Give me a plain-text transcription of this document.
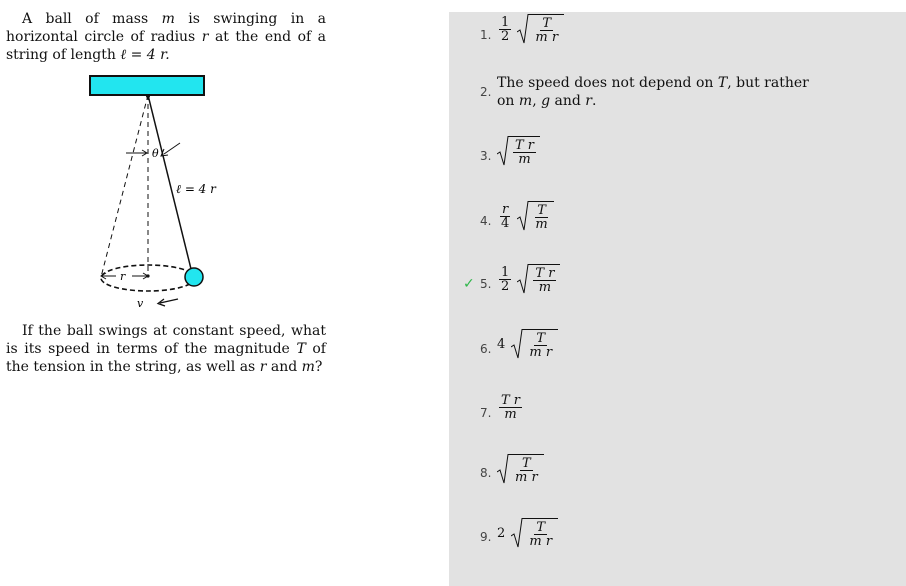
A ball of mass m is swinging in a horizontal circle of radius r at the end of a string of length ℓ = 4 r.

θ
ℓ = 4 r
r
v

If the ball swings at constant speed, what is its speed in terms of the magnitude T of the tension in the string, as well as r and m?

1. $\frac{1}{2}$
$\frac{T}{\text{m r}}$
2.
The speed does not depend on T, but rather on m, g and r.
3. $\frac{\text{T r}}{m}$
4. $\frac{r}{4}$
$\frac{T}{m}$
✓ 5. $\frac{1}{2}$
$\frac{\text{T r}}{m}$
6. $4 \frac{T}{\text{m r}}$
7. $\frac{\text{T r}}{m}$
8. $\frac{T}{\text{m r}}$
9. $2 \frac{T}{\text{m r}}$
